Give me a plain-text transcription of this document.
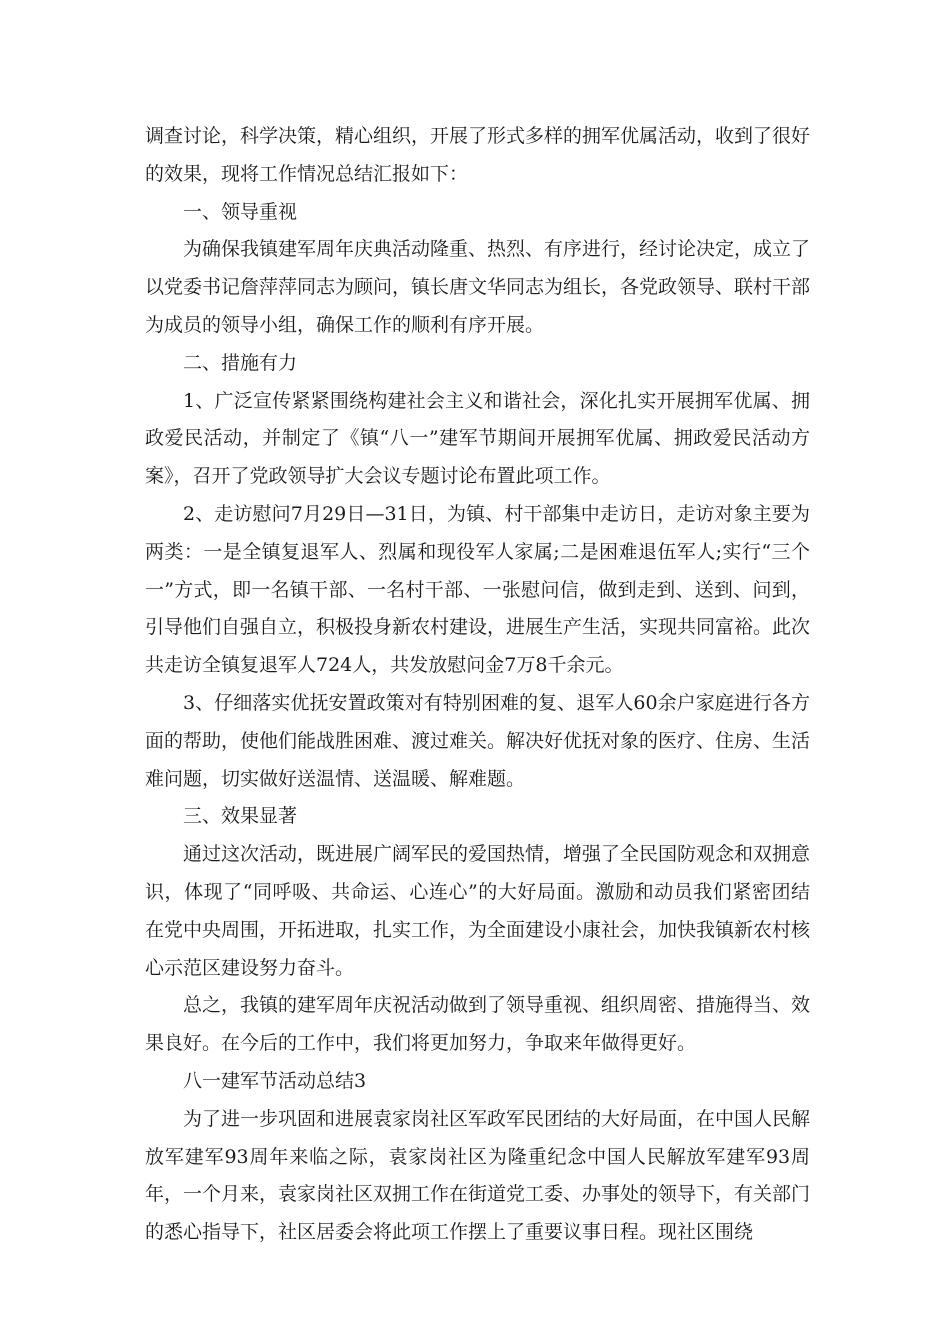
调查讨论，科学决策，精心组织，开展了形式多样的拥军优属活动，收到了很好的效果，现将工作情况总结汇报如下：

一、领导重视

为确保我镇建军周年庆典活动隆重、热烈、有序进行，经讨论决定，成立了以党委书记詹萍萍同志为顾问，镇长唐文华同志为组长，各党政领导、联村干部为成员的领导小组，确保工作的顺利有序开展。

二、措施有力

1、广泛宣传紧紧围绕构建社会主义和谐社会，深化扎实开展拥军优属、拥政爱民活动，并制定了《镇“八一”建军节期间开展拥军优属、拥政爱民活动方案》，召开了党政领导扩大会议专题讨论布置此项工作。

2、走访慰问7月29日—31日，为镇、村干部集中走访日，走访对象主要为两类：一是全镇复退军人、烈属和现役军人家属;二是困难退伍军人;实行“三个一”方式，即一名镇干部、一名村干部、一张慰问信，做到走到、送到、问到，引导他们自强自立，积极投身新农村建设，进展生产生活，实现共同富裕。此次共走访全镇复退军人724人，共发放慰问金7万8千余元。

3、仔细落实优抚安置政策对有特别困难的复、退军人60余户家庭进行各方面的帮助，使他们能战胜困难、渡过难关。解决好优抚对象的医疗、住房、生活难问题，切实做好送温情、送温暖、解难题。

三、效果显著

通过这次活动，既进展广阔军民的爱国热情，增强了全民国防观念和双拥意识，体现了“同呼吸、共命运、心连心”的大好局面。激励和动员我们紧密团结在党中央周围，开拓进取，扎实工作，为全面建设小康社会，加快我镇新农村核心示范区建设努力奋斗。

总之，我镇的建军周年庆祝活动做到了领导重视、组织周密、措施得当、效果良好。在今后的工作中，我们将更加努力，争取来年做得更好。

八一建军节活动总结3

为了进一步巩固和进展袁家岗社区军政军民团结的大好局面，在中国人民解放军建军93周年来临之际，袁家岗社区为隆重纪念中国人民解放军建军93周年，一个月来，袁家岗社区双拥工作在街道党工委、办事处的领导下，有关部门的悉心指导下，社区居委会将此项工作摆上了重要议事日程。现社区围绕
